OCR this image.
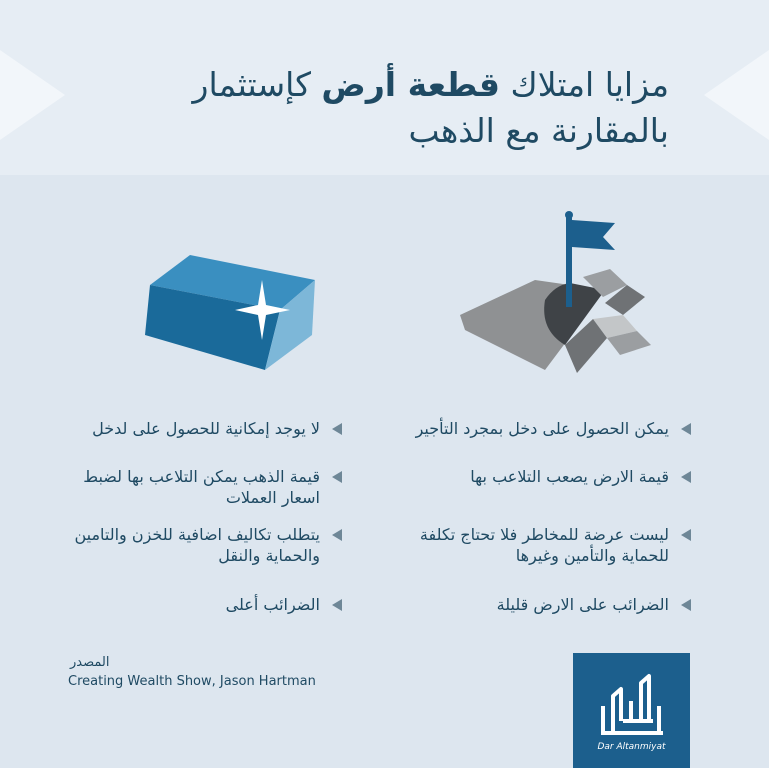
مزايا امتلاك قطعة أرض كإستثمار
بالمقارنة مع الذهب
يمكن الحصول على دخل بمجرد التأجير
قيمة الارض يصعب التلاعب بها
ليست عرضة للمخاطر فلا تحتاج تكلفة للحماية والتأمين وغيرها
الضرائب على الارض قليلة
لا يوجد إمكانية للحصول على لدخل
قيمة الذهب يمكن التلاعب بها لضبط اسعار العملات
يتطلب تكاليف اضافية للخزن والتامين والحماية والنقل
الضرائب أعلى
المصدر
Creating Wealth Show, Jason Hartman
Dar Altanmiyat
